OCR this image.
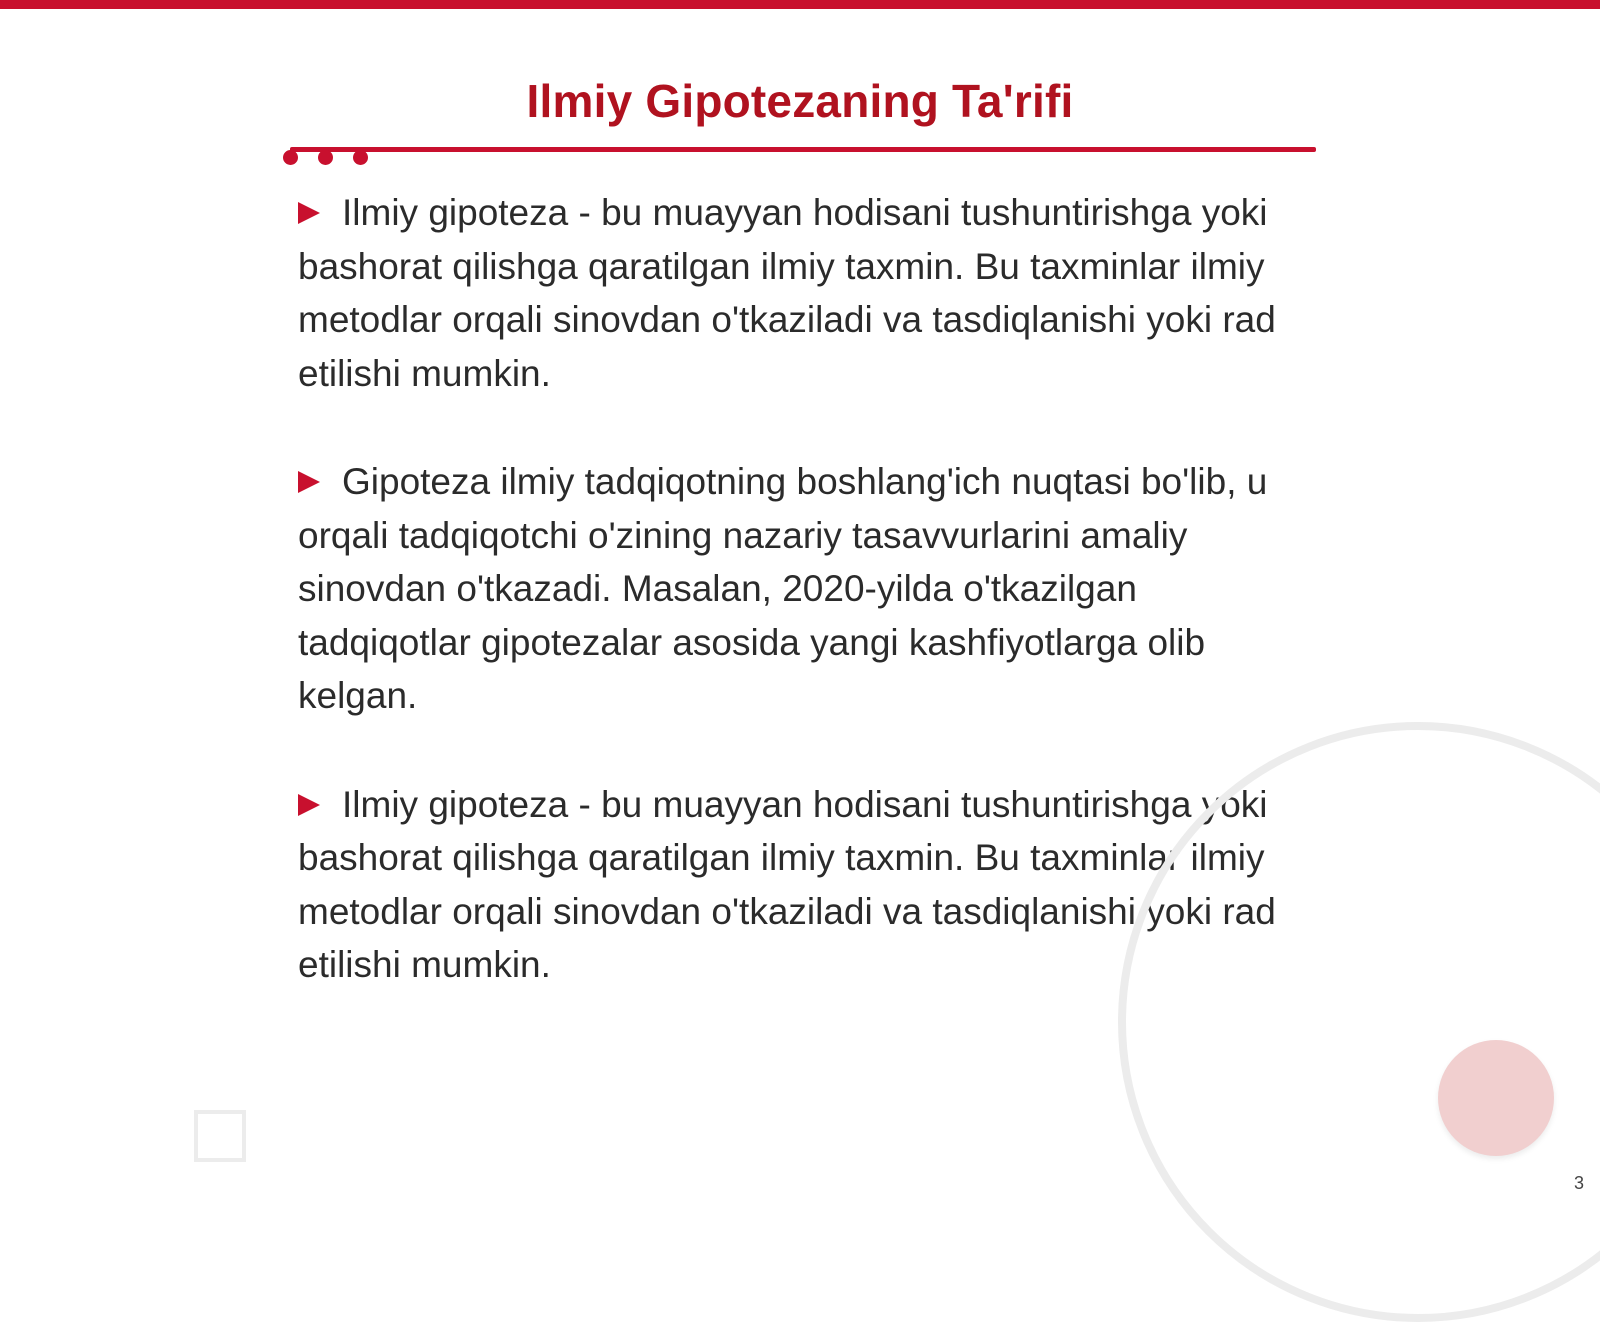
Ilmiy Gipotezaning Ta'rifi

Ilmiy gipoteza - bu muayyan hodisani tushuntirishga yoki bashorat qilishga qaratilgan ilmiy taxmin. Bu taxminlar ilmiy metodlar orqali sinovdan o'tkaziladi va tasdiqlanishi yoki rad etilishi mumkin.

Gipoteza ilmiy tadqiqotning boshlang'ich nuqtasi bo'lib, u orqali tadqiqotchi o'zining nazariy tasavvurlarini amaliy sinovdan o'tkazadi. Masalan, 2020-yilda o'tkazilgan tadqiqotlar gipotezalar asosida yangi kashfiyotlarga olib kelgan.

Ilmiy gipoteza - bu muayyan hodisani tushuntirishga yoki bashorat qilishga qaratilgan ilmiy taxmin. Bu taxminlar ilmiy metodlar orqali sinovdan o'tkaziladi va tasdiqlanishi yoki rad etilishi mumkin.

3
